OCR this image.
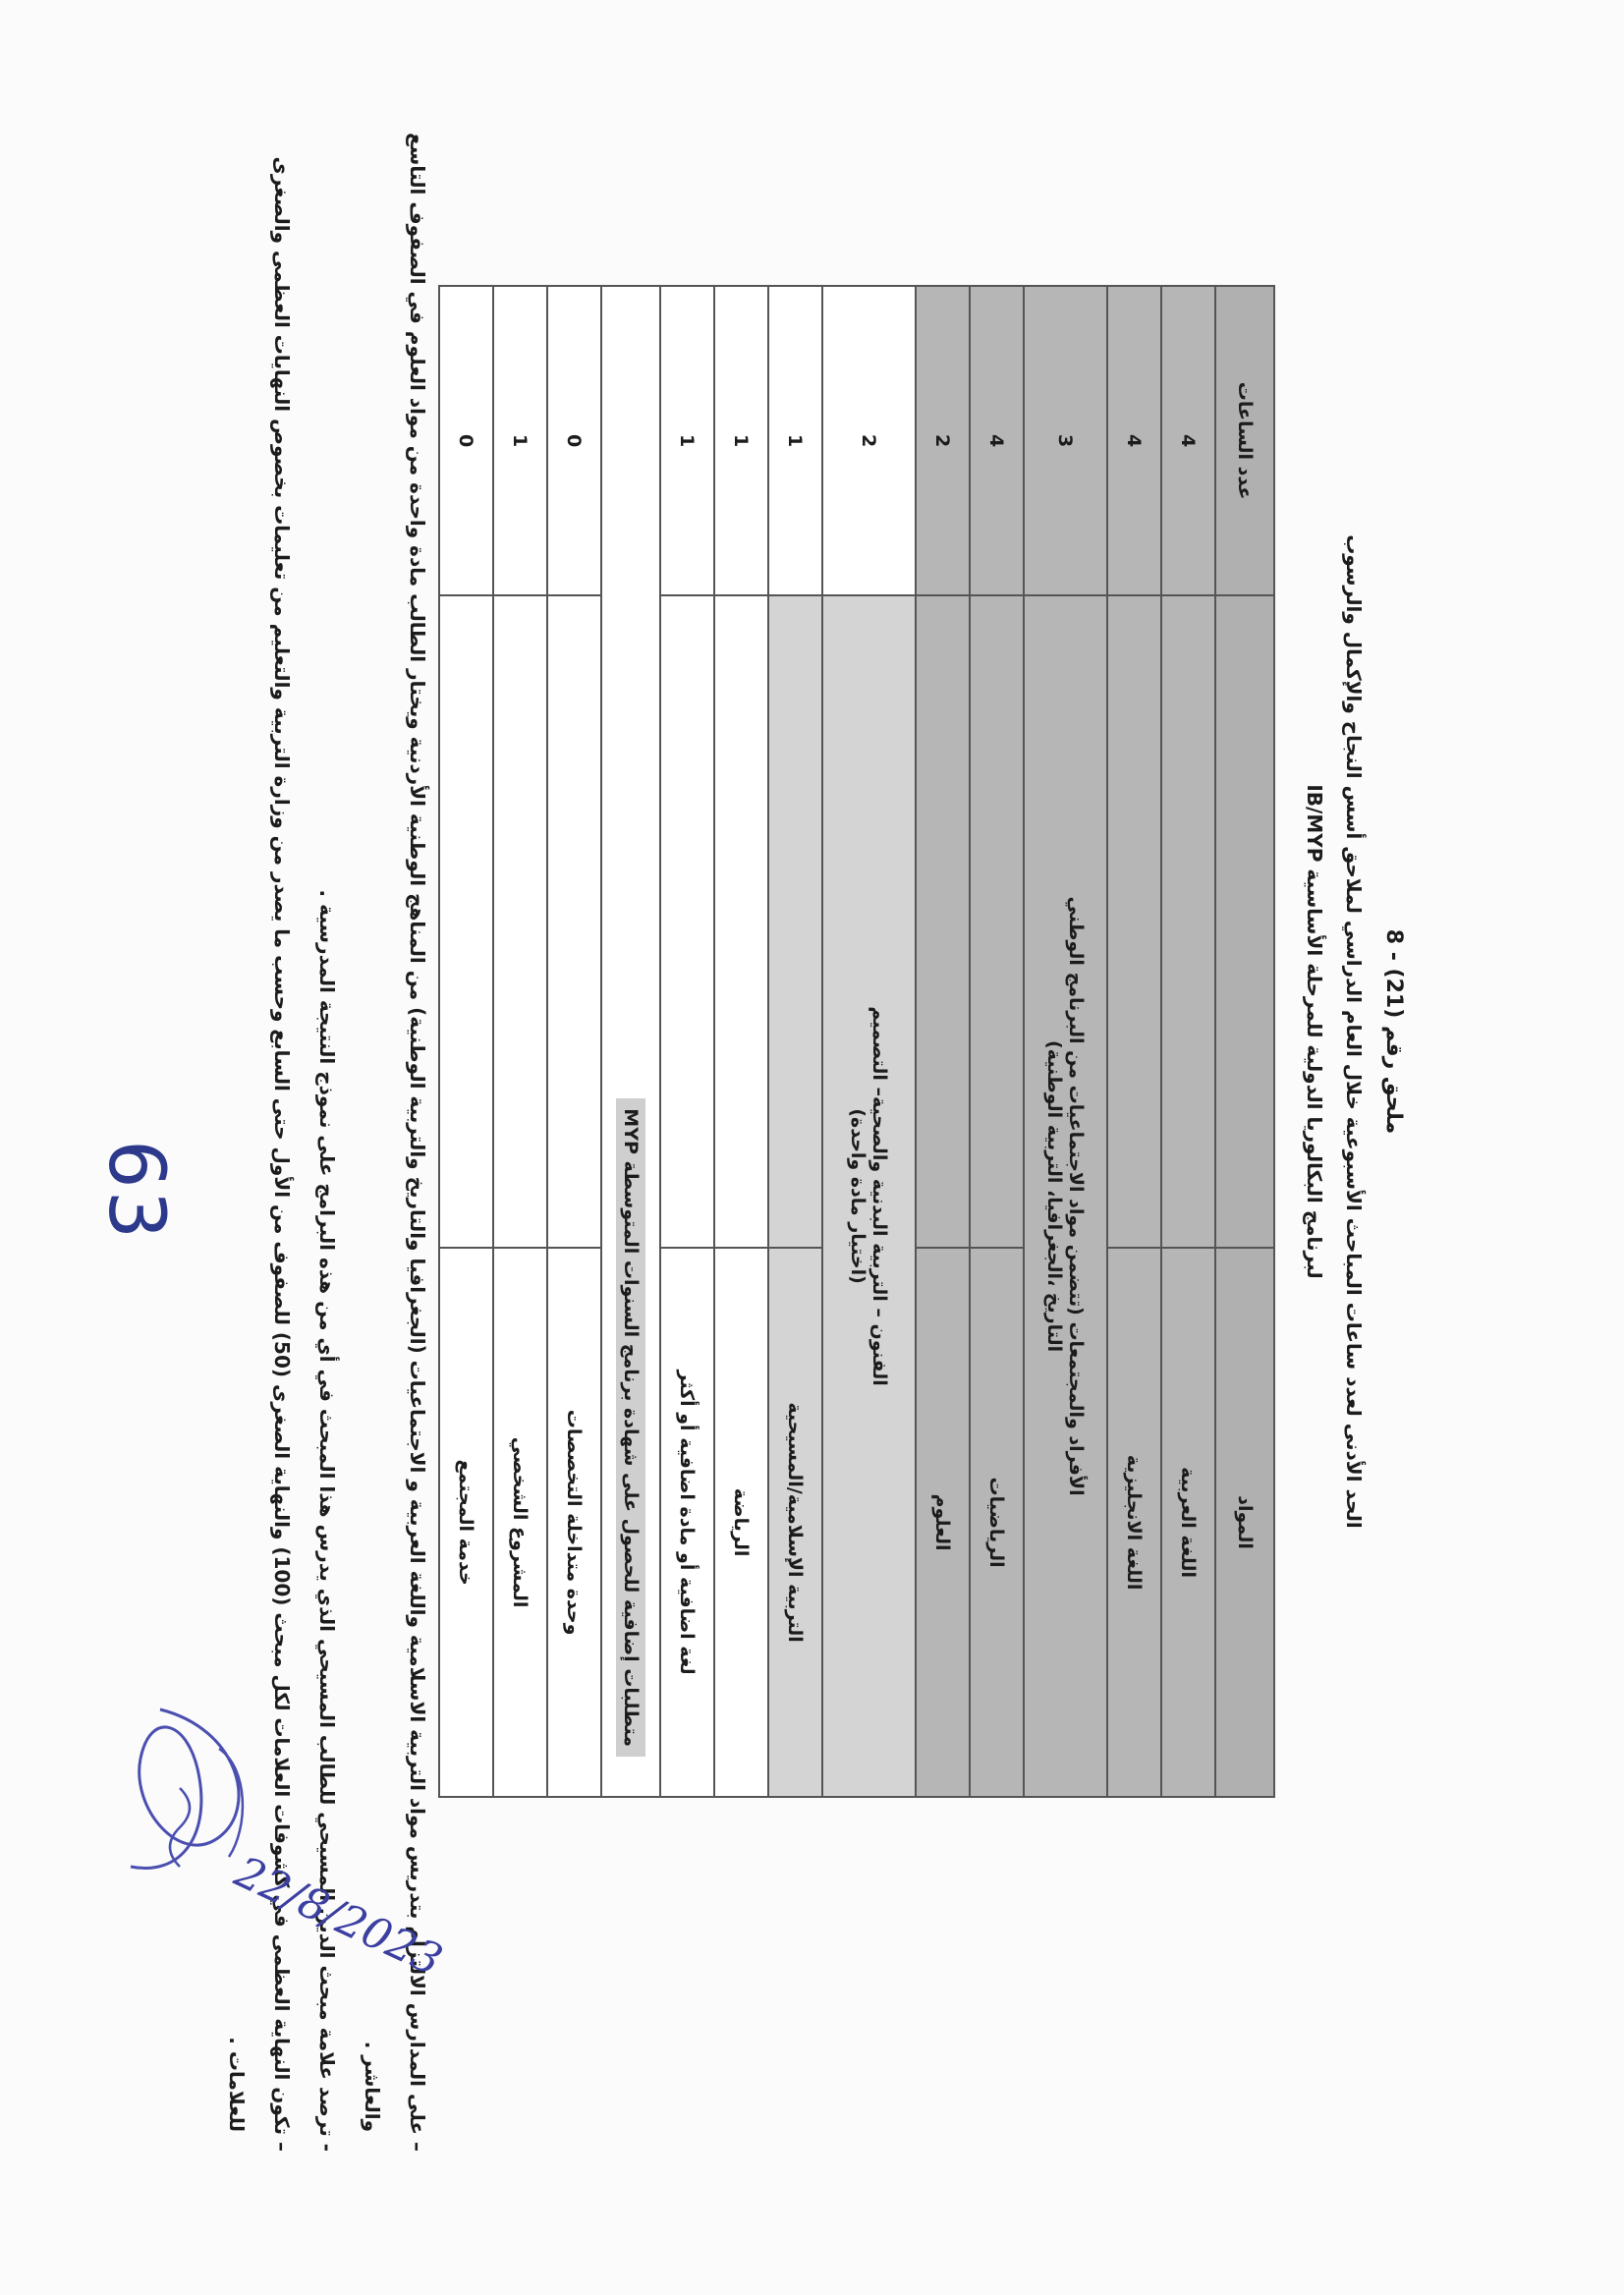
ملحق رقم (21) - 8
الحد الأدنى لعدد ساعات المباحث الأسبوعية خلال العام الدراسي لملاحق أسس النجاح والإكمال والرسوب
لبرنامج البكالوريا الدولية للمرحلة الأساسية IB/MYP
المواد		عدد الساعات
اللغة العربية		4
اللغة الانجليزية		4

الأفراد والمجتمعات (تتضمن مواد الاجتماعيات من البرنامج الوطني
التاريخ ،الجغرافيا، التربية الوطنية)		3
الرياضيات		4
العلوم		2

الفنون – التربية البدنية والصحية– التصميم
(اختيار مادة واحدة)		2
التربية الإسلامية/المسيحية		1
الرياضة		1
لغة اضافية أو مادة اضافية أو أكثر		1
متطلبات إضافية للحصول على شهادة برنامج السنوات المتوسطة MYP		
وحدة متداخلة التخصصات		0
المشروع الشخصي		1
خدمة المجتمع		0
– على المدارس الالتزام بتدريس مواد التربية الاسلامية واللغة العربية و الاجتماعيات (الجغرافيا والتاريخ والتربية الوطنية) من المناهج الوطنية الأردنية ويختار الطالب مادة واحدة من مواد العلوم في الصفوف التاسع
والعاشر .
- ترصد علامة مبحث الدين المسيحي للطالب المسيحي الذي يدرس هذا المبحث في أي من هذه البرامج على نموذج النتيجة المدرسية .
– تكون النهاية العظمى في كشوفات العلامات لكل مبحث (100) والنهاية الصغرى (50) للصفوف من الأول حتى السابع وحسب ما يصدر من وزارة التربية والتعليم من تعليمات بخصوص النهايات العظمى والصغرى
للعلامات .
63
22/8/2023
